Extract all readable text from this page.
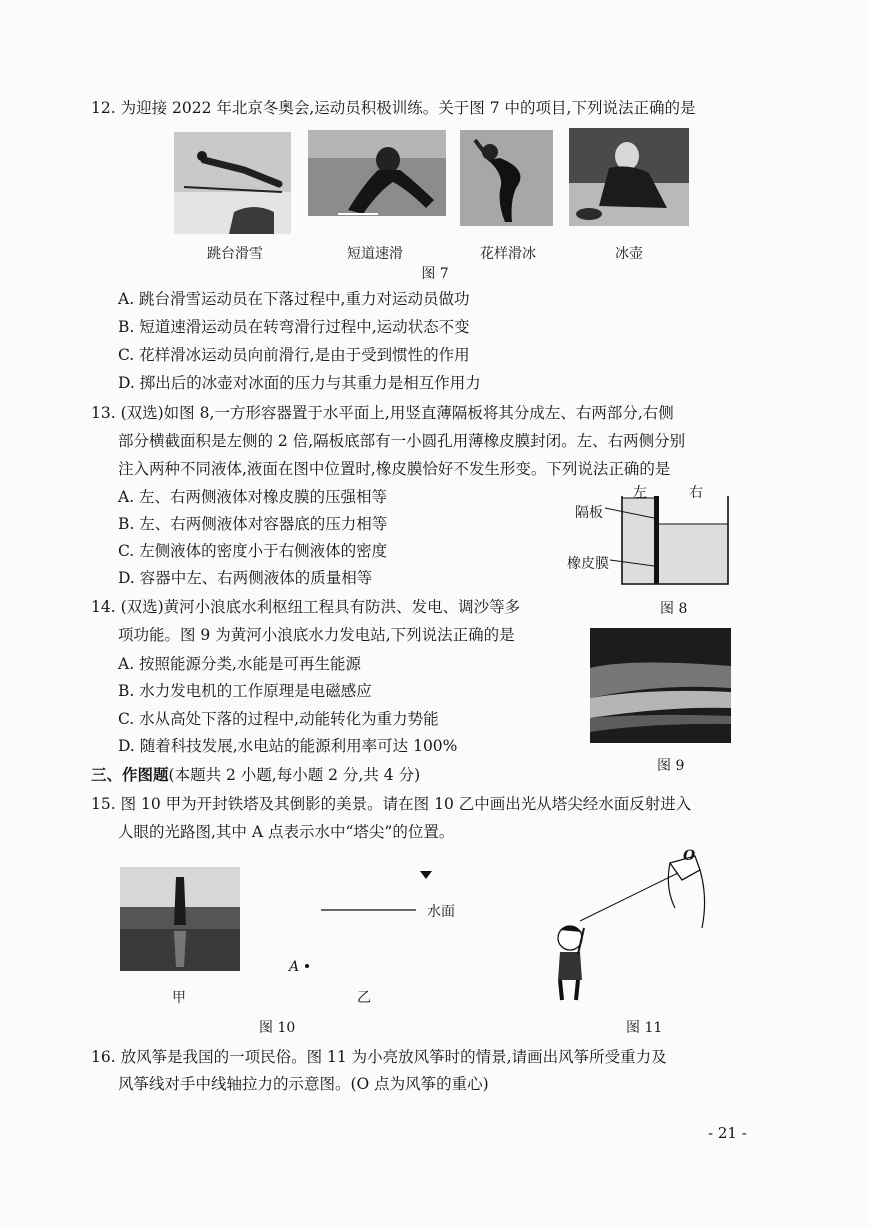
12. 为迎接 2022 年北京冬奥会,运动员积极训练。关于图 7 中的项目,下列说法正确的是
跳台滑雪	短道速滑	花样滑冰	冰壶
图 7
A. 跳台滑雪运动员在下落过程中,重力对运动员做功
B. 短道速滑运动员在转弯滑行过程中,运动状态不变
C. 花样滑冰运动员向前滑行,是由于受到惯性的作用
D. 掷出后的冰壶对冰面的压力与其重力是相互作用力
13. (双选)如图 8,一方形容器置于水平面上,用竖直薄隔板将其分成左、右两部分,右侧
部分横截面积是左侧的 2 倍,隔板底部有一小圆孔用薄橡皮膜封闭。左、右两侧分别
注入两种不同液体,液面在图中位置时,橡皮膜恰好不发生形变。下列说法正确的是
A. 左、右两侧液体对橡皮膜的压强相等
B. 左、右两侧液体对容器底的压力相等
C. 左侧液体的密度小于右侧液体的密度
D. 容器中左、右两侧液体的质量相等
左	右
隔板
橡皮膜
图 8
14. (双选)黄河小浪底水利枢纽工程具有防洪、发电、调沙等多
项功能。图 9 为黄河小浪底水力发电站,下列说法正确的是
图 9
A. 按照能源分类,水能是可再生能源
B. 水力发电机的工作原理是电磁感应
C. 水从高处下落的过程中,动能转化为重力势能
D. 随着科技发展,水电站的能源利用率可达 100%
三、作图题(本题共 2 小题,每小题 2 分,共 4 分)
15. 图 10 甲为开封铁塔及其倒影的美景。请在图 10 乙中画出光从塔尖经水面反射进入
人眼的光路图,其中 A 点表示水中“塔尖”的位置。
甲
水面
A
乙
图 10
O
图 11
16. 放风筝是我国的一项民俗。图 11 为小亮放风筝时的情景,请画出风筝所受重力及
风筝线对手中线轴拉力的示意图。(O 点为风筝的重心)
- 21 -
